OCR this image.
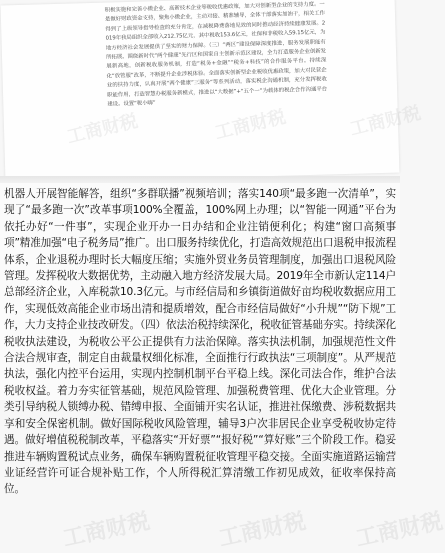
积极实施和完善小微企业、高新技术企业等税收优惠政策，加大对创新型企业的支持力度。一是做好财政资金支持，聚焦小微企业，主动对接、精准辅导，全体干部落实加油干，相关工作得到了上级领导指导检查的充分肯定，在减税降费落地见效的同时推动经济持续健康发展。2019年我局组织全部收入212.75亿元，其中税收153.6亿元，社保和非税收入59.15亿元，为地方经济社会发展提供了坚实的财力保障。（三）“两区”建设保障深度推进，服务发展职能有所拓展。围绕新时代“两个健康”先行区和国家自主创新示范区建设，全力打造服务企业创新发展新高地，创新税收服务机制，打造“税务+金融”“税务+科技”的合作服务平台。持续深化“放管服”改革，不断提升企业涉税体验。全面落实创新型企业税收优惠政策，加大对民营企业的扶持力度，认真开展“两个健康”三服务“等系列活动，落实税企沟通机制，充分发挥税收职能作用，打造智慧办税服务新模式，推进以“大数据”+“五个一”为载体的税企合作沟通平台建设。设置“税小嗨”
工商财税	工商财税	工商财税
机器人开展智能解答，组织“多群联播”视频培训；落实140项“最多跑一次清单”，实现了“最多跑一次”改革事项100%全覆盖，100%网上办理；以“智能一网通”平台为依托办好“一件事”，实现企业开办一日办结和企业注销便利化；构建“窗口高频事项”精准加强“电子税务局”推广。出口服务持续优化，打造高效规范出口退税申报流程体系，企业退税办理时长大幅度压缩；实施外贸业务员管理制度，加强出口退税风险管理。发挥税收大数据优势，主动融入地方经济发展大局。2019年全市新认定114户总部经济企业，入库税款10.3亿元。与市经信局和乡镇街道做好亩均税收数据应用工作，实现低效高能企业市场出清和提质增效，配合市经信局做好“小升规”“防下规”工作，大力支持企业技改研发。（四）依法治税持续深化，税收征管基础夯实。持续深化税收执法建设，为税收公平公正提供有力法治保障。落实执法机制，加强规范性文件合法合规审查，制定自由裁量权细化标准，全面推行行政执法“三项制度”。从严规范执法，强化内控平台运用，实现内控制机制平台平稳上线。深化司法合作，维护合法税收权益。着力夯实征管基础，规范风险管理、加强税费管理、优化大企业管理。分类引导纳税人锁缚办税、错缚申报、全面铺开实名认证，推进社保缴费、涉税数据共享和安全保密机制。做好国际税收风险管理，辅导3户次非居民企业享受税收协定待遇。做好增值税税制改革，平稳落实“开好票”“报好税”“算好账”三个阶段工作。稳妥推进车辆购置税试点业务，确保车辆购置税征收管理平稳交接。全面实施道路运输营业证经营许可证合规补贴工作，个人所得税汇算清缴工作初见成效，征收率保持高位。
工商财税	工商财税 工商财税
